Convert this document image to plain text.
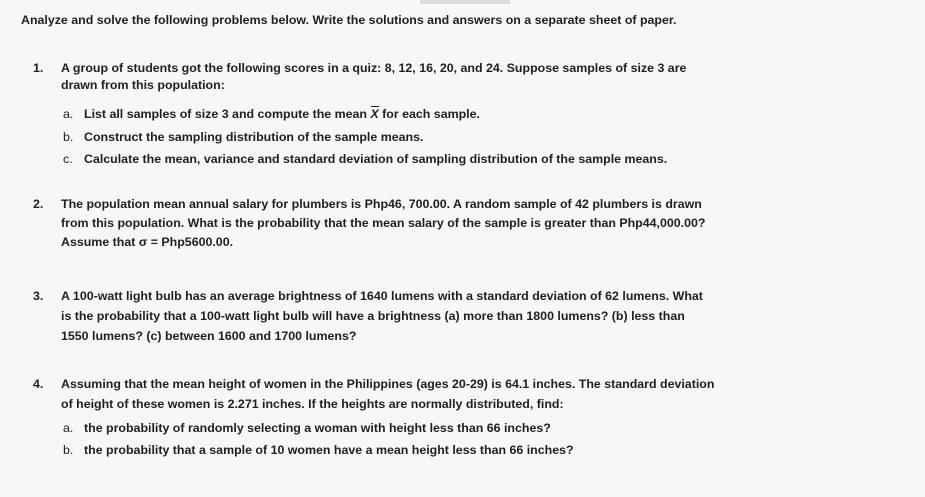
Analyze and solve the following problems below. Write the solutions and answers on a separate sheet of paper.
1. A group of students got the following scores in a quiz: 8, 12, 16, 20, and 24. Suppose samples of size 3 are
drawn from this population:
a. List all samples of size 3 and compute the mean X for each sample.
b. Construct the sampling distribution of the sample means.
c. Calculate the mean, variance and standard deviation of sampling distribution of the sample means.
2. The population mean annual salary for plumbers is Php46, 700.00. A random sample of 42 plumbers is drawn
from this population. What is the probability that the mean salary of the sample is greater than Php44,000.00?
Assume that σ = Php5600.00.
3. A 100-watt light bulb has an average brightness of 1640 lumens with a standard deviation of 62 lumens. What
is the probability that a 100-watt light bulb will have a brightness (a) more than 1800 lumens? (b) less than
1550 lumens? (c) between 1600 and 1700 lumens?
4. Assuming that the mean height of women in the Philippines (ages 20-29) is 64.1 inches. The standard deviation
of height of these women is 2.271 inches. If the heights are normally distributed, find:
a. the probability of randomly selecting a woman with height less than 66 inches?
b. the probability that a sample of 10 women have a mean height less than 66 inches?
